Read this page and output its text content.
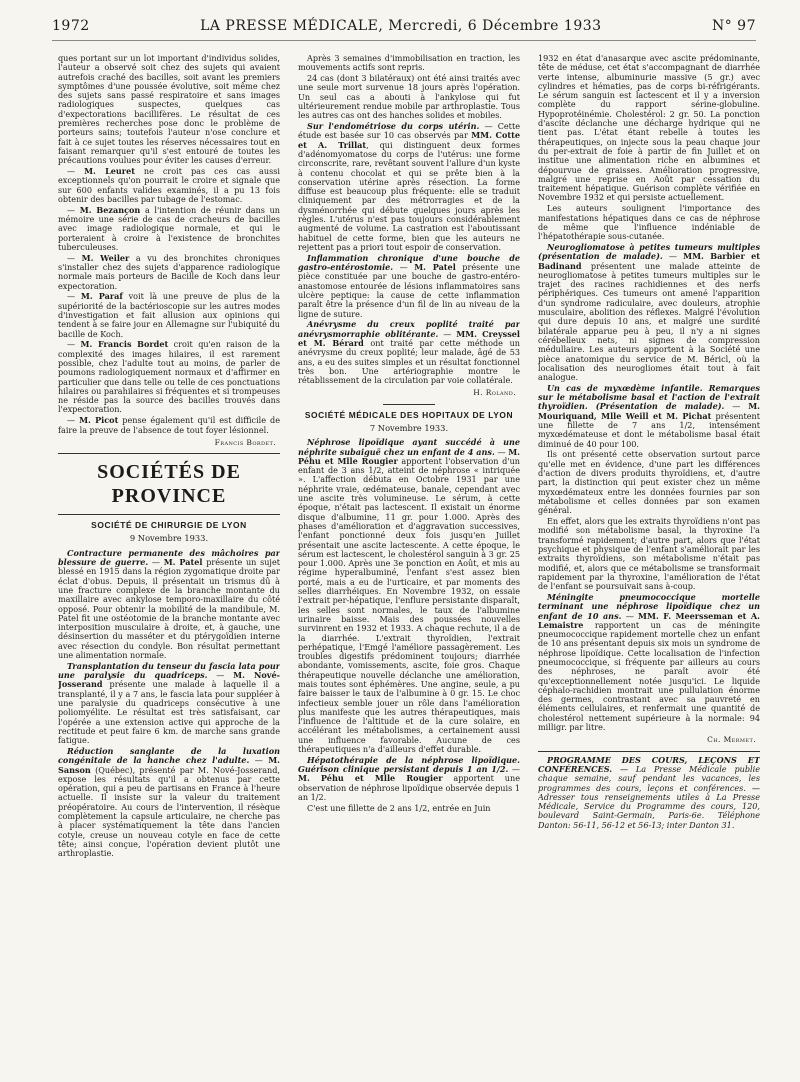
1972	LA PRESSE MÉDICALE, Mercredi, 6 Décembre 1933	N° 97

ques portant sur un lot important d'individus solides, l'auteur a observé soit chez des sujets qui avaient autrefois craché des bacilles, soit avant les premiers symptômes d'une poussée évolutive, soit même chez des sujets sans passé respiratoire et sans images radiologiques suspectes, quelques cas d'expectorations bacillifères. Le résultat de ces premières recherches pose donc le problème de porteurs sains; toutefois l'auteur n'ose conclure et fait à ce sujet toutes les réserves nécessaires tout en faisant remarquer qu'il s'est entouré de toutes les précautions voulues pour éviter les causes d'erreur.

— M. Leuret ne croit pas ces cas aussi exceptionnels qu'on pourrait le croire et signale que sur 600 enfants valides examinés, il a pu 13 fois obtenir des bacilles par tubage de l'estomac.

— M. Bezançon a l'intention de réunir dans un mémoire une série de cas de cracheurs de bacilles avec image radiologique normale, et qui le porteraient à croire à l'existence de bronchites tuberculeuses.

— M. Weiler a vu des bronchites chroniques s'installer chez des sujets d'apparence radiologique normale mais porteurs de Bacille de Koch dans leur expectoration.

— M. Paraf voit là une preuve de plus de la supériorité de la bactérioscopie sur les autres modes d'investigation et fait allusion aux opinions qui tendent à se faire jour en Allemagne sur l'ubiquité du bacille de Koch.

— M. Francis Bordet croit qu'en raison de la complexité des images hilaires, il est rarement possible, chez l'adulte tout au moins, de parler de poumons radiologiquement normaux et d'affirmer en particulier que dans telle ou telle de ces ponctuations hilaires ou parahilaires si fréquentes et si trompeuses ne réside pas la source des bacilles trouvés dans l'expectoration.

— M. Picot pense également qu'il est difficile de faire la preuve de l'absence de tout foyer lésionnel.

Francis Bordet.

SOCIÉTÉS DE PROVINCE
SOCIÉTÉ DE CHIRURGIE DE LYON
9 Novembre 1933.

Contracture permanente des mâchoires par blessure de guerre. — M. Patel présente un sujet blessé en 1915 dans la région zygomatique droite par éclat d'obus. Depuis, il présentait un trismus dû à une fracture complexe de la branche montante du maxillaire avec ankylose temporo-maxillaire du côté opposé. Pour obtenir la mobilité de la mandibule, M. Patel fit une ostéotomie de la branche montante avec interposition musculaire à droite, et, à gauche, une désinsertion du masséter et du ptérygoïdien interne avec résection du condyle. Bon résultat permettant une alimentation normale.

Transplantation du tenseur du fascia lata pour une paralysie du quadriceps. — M. Nové-Josserand présente une malade à laquelle il a transplanté, il y a 7 ans, le fascia lata pour suppléer à une paralysie du quadriceps consécutive à une poliomyélite. Le résultat est très satisfaisant, car l'opérée a une extension active qui approche de la rectitude et peut faire 6 km. de marche sans grande fatigue.

Réduction sanglante de la luxation congénitale de la hanche chez l'adulte. — M. Sanson (Québec), présenté par M. Nové-Josserand, expose les résultats qu'il a obtenus par cette opération, qui a peu de partisans en France à l'heure actuelle. Il insiste sur la valeur du traitement préopératoire. Au cours de l'intervention, il résèque complètement la capsule articulaire, ne cherche pas à placer systématiquement la tête dans l'ancien cotyle, creuse un nouveau cotyle en face de cette tête; ainsi conçue, l'opération devient plutôt une arthroplastie.

Après 3 semaines d'immobilisation en traction, les mouvements actifs sont repris.

24 cas (dont 3 bilatéraux) ont été ainsi traités avec une seule mort survenue 18 jours après l'opération. Un seul cas a abouti à l'ankylose qui fut ultérieurement rendue mobile par arthroplastie. Tous les autres cas ont des hanches solides et mobiles.

Sur l'endométriose du corps utérin. — Cette étude est basée sur 10 cas observés par MM. Cotte et A. Trillat, qui distinguent deux formes d'adénomyomatose du corps de l'utérus: une forme circonscrite, rare, revêtant souvent l'allure d'un kyste à contenu chocolat et qui se prête bien à la conservation utérine après résection. La forme diffuse est beaucoup plus fréquente: elle se traduit cliniquement par des métrorragies et de la dysménorrhée qui débute quelques jours après les règles. L'utérus n'est pas toujours considérablement augmenté de volume. La castration est l'aboutissant habituel de cette forme, bien que les auteurs ne rejettent pas a priori tout espoir de conservation.

Inflammation chronique d'une bouche de gastro-entérostomie. — M. Patel présente une pièce constituée par une bouche de gastro-entéro-anastomose entourée de lésions inflammatoires sans ulcère peptique: la cause de cette inflammation paraît être la présence d'un fil de lin au niveau de la ligne de suture.

Anévrysme du creux poplité traité par anévrysmorraphie oblitérante. — MM. Creyssel et M. Bérard ont traité par cette méthode un anévrysme du creux poplité; leur malade, âgé de 53 ans, a eu des suites simples et un résultat fonctionnel très bon. Une artériographie montre le rétablissement de la circulation par voie collatérale.

H. Roland.

SOCIÉTÉ MÉDICALE DES HOPITAUX DE LYON
7 Novembre 1933.

Néphrose lipoïdique ayant succédé à une néphrite subaiguë chez un enfant de 4 ans. — M. Péhu et Mlle Rougier apportent l'observation d'un enfant de 3 ans 1/2, atteint de néphrose « intriquée ». L'affection débuta en Octobre 1931 par une néphrite vraie, œdémateuse, banale, cependant avec une ascite très volumineuse. Le sérum, à cette époque, n'était pas lactescent. Il existait un énorme disque d'albumine, 11 gr. pour 1.000. Après des phases d'amélioration et d'aggravation successives, l'enfant ponctionné deux fois jusqu'en Juillet présentait une ascite lactescente. A cette époque, le sérum est lactescent, le cholestérol sanguin à 3 gr. 25 pour 1.000. Après une 3e ponction en Août, et mis au régime hyperalbuminé, l'enfant s'est assez bien porté, mais a eu de l'urticaire, et par moments des selles diarrhéiques. En Novembre 1932, on essaie l'extrait per-hépatique, l'enflure persistante disparaît, les selles sont normales, le taux de l'albumine urinaire baisse. Mais des poussées nouvelles survinrent en 1932 et 1933. A chaque rechute, il a de la diarrhée. L'extrait thyroïdien, l'extrait perhépatique, l'Emgé l'améliore passagèrement. Les troubles digestifs prédominent toujours; diarrhée abondante, vomissements, ascite, foie gros. Chaque thérapeutique nouvelle déclanche une amélioration, mais toutes sont éphémères. Une angine, seule, a pu faire baisser le taux de l'albumine à 0 gr. 15. Le choc infectieux semble jouer un rôle dans l'amélioration plus manifeste que les autres thérapeutiques, mais l'influence de l'altitude et de la cure solaire, en accélérant les métabolismes, a certainement aussi une influence favorable. Aucune de ces thérapeutiques n'a d'ailleurs d'effet durable.

Hépatothérapie de la néphrose lipoïdique. Guérison clinique persistant depuis 1 an 1/2. — M. Péhu et Mlle Rougier apportent une observation de néphrose lipoïdique observée depuis 1 an 1/2.

C'est une fillette de 2 ans 1/2, entrée en Juin

1932 en état d'anasarque avec ascite prédominante, tête de méduse, cet état s'accompagnant de diarrhée verte intense, albuminurie massive (5 gr.) avec cylindres et hématies, pas de corps bi-réfrigérants. Le sérum sanguin est lactescent et il y a inversion complète du rapport sérine-globuline. Hypoprotéinémie. Cholestérol: 2 gr. 50. La ponction d'ascite déclanche une décharge hydrique qui ne tient pas. L'état étant rebelle à toutes les thérapeutiques, on injecte sous la peau chaque jour du per-extrait de foie à partir de fin Juillet et on institue une alimentation riche en albumines et dépourvue de graisses. Amélioration progressive, malgré une reprise en Août par cessation du traitement hépatique. Guérison complète vérifiée en Novembre 1932 et qui persiste actuellement.

Les auteurs soulignent l'importance des manifestations hépatiques dans ce cas de néphrose de même que l'influence indéniable de l'hépatothérapie sous-cutanée.

Neurogliomatose à petites tumeurs multiples (présentation de malade). — MM. Barbier et Badinand présentent une malade atteinte de neurogliomatose à petites tumeurs multiples sur le trajet des racines rachidiennes et des nerfs périphériques. Ces tumeurs ont amené l'apparition d'un syndrome radiculaire, avec douleurs, atrophie musculaire, abolition des réflexes. Malgré l'évolution qui dure depuis 10 ans, et malgré une surdité bilatérale apparue peu à peu, il n'y a ni signes cérébelleux nets, ni signes de compression médullaire. Les auteurs apportent à la Société une pièce anatomique du service de M. Béricl, où la localisation des neurogliomes était tout à fait analogue.

Un cas de myxœdème infantile. Remarques sur le métabolisme basal et l'action de l'extrait thyroïdien. (Présentation de malade). — M. Mouriquand, Mlle Weill et M. Pichat présentent une fillette de 7 ans 1/2, intensément myxœdémateuse et dont le métabolisme basal était diminué de 40 pour 100.

Ils ont présenté cette observation surtout parce qu'elle met en évidence, d'une part les différences d'action de divers produits thyroïdiens, et, d'autre part, la distinction qui peut exister chez un même myxœdémateux entre les données fournies par son métabolisme et celles données par son examen général.

En effet, alors que les extraits thyroïdiens n'ont pas modifié son métabolisme basal, la thyroxine l'a transformé rapidement; d'autre part, alors que l'état psychique et physique de l'enfant s'améliorait par les extraits thyroïdiens, son métabolisme n'était pas modifié, et, alors que ce métabolisme se transformait rapidement par la thyroxine, l'amélioration de l'état de l'enfant se poursuivait sans à-coup.

Méningite pneumococcique mortelle terminant une néphrose lipoïdique chez un enfant de 10 ans. — MM. F. Meersseman et A. Lemaistre rapportent un cas de méningite pneumococcique rapidement mortelle chez un enfant de 10 ans présentant depuis six mois un syndrome de néphrose lipoïdique. Cette localisation de l'infection pneumococcique, si fréquente par ailleurs au cours des néphroses, ne paraît avoir été qu'exceptionnellement notée jusqu'ici. Le liquide céphalo-rachidien montrait une pullulation énorme des germes, contrastant avec sa pauvreté en éléments cellulaires, et renfermait une quantité de cholestérol nettement supérieure à la normale: 94 milligr. par litre.

Ch. Mermet.

PROGRAMME DES COURS, LEÇONS ET CONFÉRENCES. — La Presse Médicale publie chaque semaine, sauf pendant les vacances, les programmes des cours, leçons et conférences. — Adresser tous renseignements utiles à La Presse Médicale, Service du Programme des cours, 120, boulevard Saint-Germain, Paris-6e. Téléphone Danton: 56-11, 56-12 et 56-13; inter Danton 31.
